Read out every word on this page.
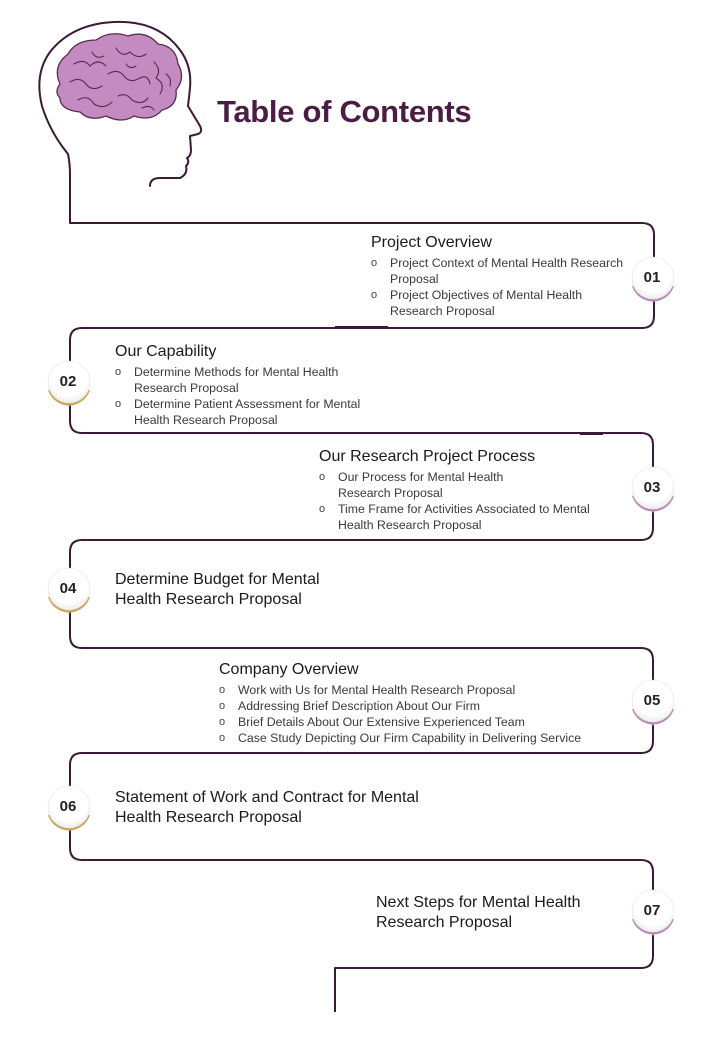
Table of Contents
Project Overview
o Project Context of Mental Health Research Proposal
o Project Objectives of Mental Health Research Proposal
Our Capability
o Determine Methods for Mental Health Research Proposal
o Determine Patient Assessment for Mental Health Research Proposal
Our Research Project Process
o Our Process for Mental Health Research Proposal
o Time Frame for Activities Associated to Mental Health Research Proposal
Determine Budget for Mental Health Research Proposal
Company Overview
o Work with Us for Mental Health Research Proposal
o Addressing Brief Description About Our Firm
o Brief Details About Our Extensive Experienced Team
o Case Study Depicting Our Firm Capability in Delivering Service
Statement of Work and Contract for Mental Health Research Proposal
Next Steps for Mental Health Research Proposal
01
02
03
04
05
06
07
